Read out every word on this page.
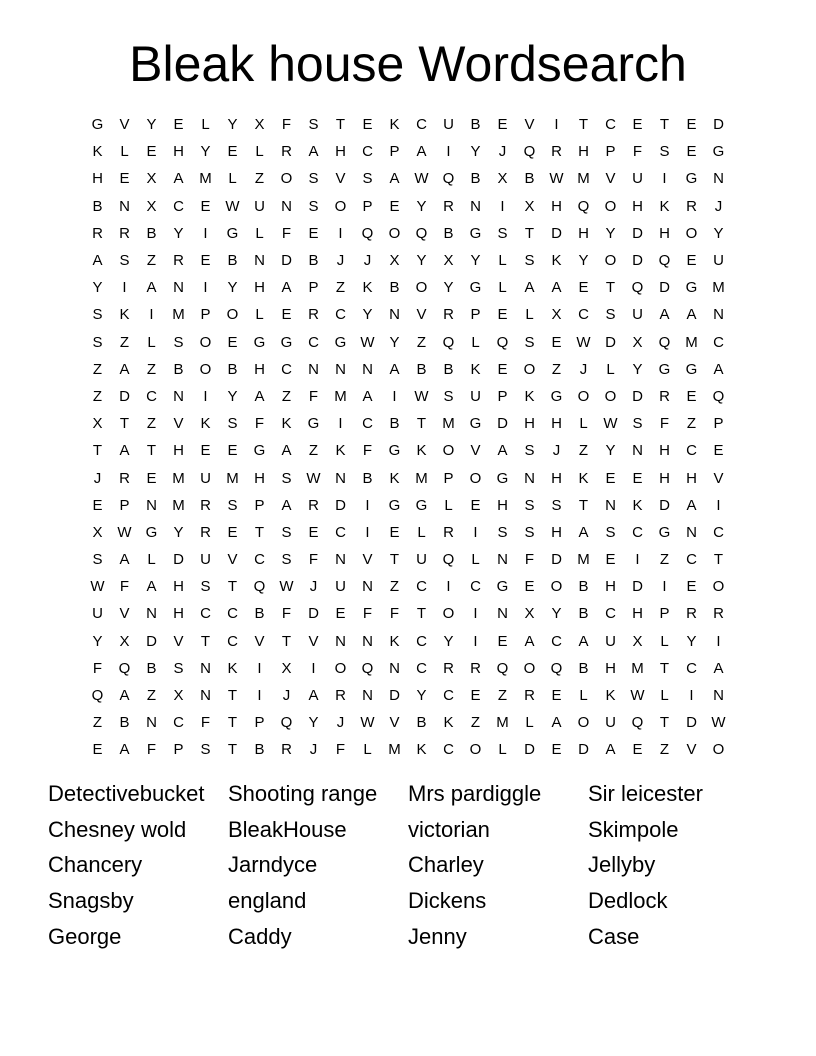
Bleak house Wordsearch
G	V	Y	E	L	Y	X	F	S	T	E	K	C	U	B	E	V	I	T	C	E	T	E	D
K	L	E	H	Y	E	L	R	A	H	C	P	A	I	Y	J	Q	R	H	P	F	S	E	G
H	E	X	A	M	L	Z	O	S	V	S	A W Q	B	X	B W M	V	U	I	G	N
B	N	X	C	E W U	N	S	O	P	E	Y	R	N	I	X	H	Q	O	H	K	R	J
R	R	B	Y	I	G	L	F	E	I	Q	O	Q	B	G	S	T	D	H	Y	D	H	O	Y
A	S	Z	R	E	B	N	D	B	J	J	X	Y	X	Y	L	S	K	Y	O	D	Q	E	U
Y	I	A	N	I	Y	H	A	P	Z	K	B	O	Y	G	L	A	A	E	T	Q	D	G M
S	K	I	M	P	O	L	E	R	C	Y	N	V	R	P	E	L	X	C	S	U	A	A	N
S	Z	L	S	O	E	G	G	C	G W Y	Z	Q	L	Q	S	E W D	X	Q M	C
Z	A	Z	B	O	B	H	C	N	N	N	A	B	B	K	E	O	Z	J	L	Y	G	G	A
Z	D	C	N	I	Y	A	Z	F	M	A	I	W S	U	P	K	G	O	O	D	R	E	Q
X	T	Z	V	K	S	F	K	G	I	C	B	T	M G	D	H	H	L	W S	F	Z	P
T	A	T	H	E	E	G	A	Z	K	F	G	K	O	V	A	S	J	Z	Y	N	H	C	E
J	R	E	M	U	M	H	S W N	B	K	M	P	O	G	N	H	K	E	E	H	H	V
E	P	N	M	R	S	P	A	R	D	I	G	G	L	E	H	S	S	T	N	K	D	A	I
X W G	Y	R	E	T	S	E	C	I	E	L	R	I	S	S	H	A	S	C	G	N	C
S	A	L	D	U	V	C	S	F	N	V	T	U	Q	L	N	F	D	M	E	I	Z	C	T
W	F	A	H	S	T	Q W	J	U	N	Z	C	I	C	G	E	O	B	H	D	I	E	O
U	V	N	H	C	C	B	F	D	E	F	F	T	O	I	N	X	Y	B	C	H	P	R	R
Y	X	D	V	T	C	V	T	V	N	N	K	C	Y	I	E	A	C	A	U	X	L	Y	I
F	Q	B	S	N	K	I	X	I	O	Q	N	C	R	R	Q	O	Q	B	H	M	T	C	A
Q	A	Z	X	N	T	I	J	A	R	N	D	Y	C	E	Z	R	E	L	K W	L	I	N
Z	B	N	C	F	T	P	Q	Y	J	W V	B	K	Z	M	L	A	O	U	Q	T	D W
E	A	F	P	S	T	B	R	J	F	L	M	K	C	O	L	D	E	D	A	E	Z	V	O
Detectivebucket	Shooting range	Mrs pardiggle	Sir leicester
Chesney wold	BleakHouse	victorian	Skimpole
Chancery	Jarndyce	Charley	Jellyby
Snagsby	england	Dickens	Dedlock
George	Caddy	Jenny	Case
